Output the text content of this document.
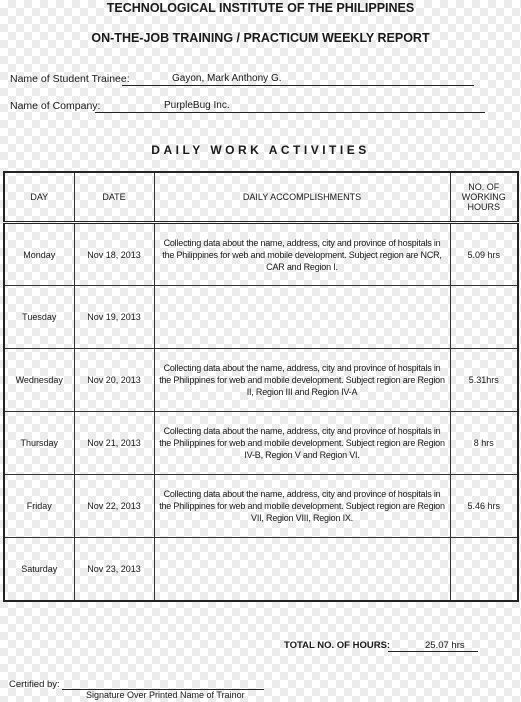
TECHNOLOGICAL INSTITUTE OF THE PHILIPPINES
ON-THE-JOB TRAINING / PRACTICUM WEEKLY REPORT
Name of Student Trainee:	Gayon, Mark Anthony G.
Name of Company:	PurpleBug Inc.
DAILY WORK ACTIVITIES
DAY	DATE	DAILY ACCOMPLISHMENTS	NO. OF
WORKING
HOURS

Monday	Nov 18, 2013	Collecting data about the name, address, city and province of hospitals in the Philippines for web and mobile development. Subject region are NCR, CAR and Region I.	5.09 hrs
Tuesday	Nov 19, 2013		
Wednesday	Nov 20, 2013	Collecting data about the name, address, city and province of hospitals in the Philippines for web and mobile development. Subject region are Region II, Region III and Region IV-A	5.31hrs
Thursday	Nov 21, 2013	Collecting data about the name, address, city and province of hospitals in the Philippines for web and mobile development. Subject region are Region IV-B, Region V and Region VI.	8 hrs
Friday	Nov 22, 2013	Collecting data about the name, address, city and province of hospitals in the Philippines for web and mobile development. Subject region are Region VII, Region VIII, Region IX.	5.46 hrs
Saturday	Nov 23, 2013		
TOTAL NO. OF HOURS:	25.07 hrs
Certified by:
Signature Over Printed Name of Trainor
